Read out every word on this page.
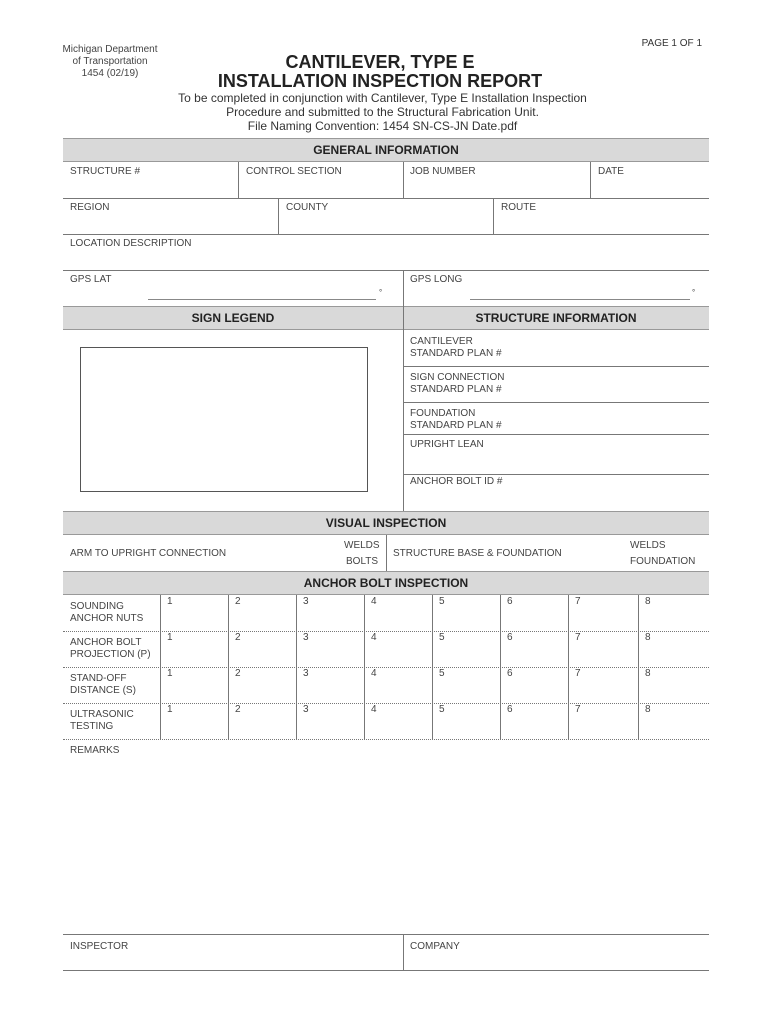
Michigan Department
of Transportation
1454 (02/19)
PAGE 1 OF 1
CANTILEVER, TYPE E
INSTALLATION INSPECTION REPORT
To be completed in conjunction with Cantilever, Type E Installation Inspection
Procedure and submitted to the Structural Fabrication Unit.
File Naming Convention: 1454 SN-CS-JN Date.pdf
GENERAL INFORMATION
STRUCTURE #	CONTROL SECTION	JOB NUMBER	DATE
REGION	COUNTY	ROUTE
LOCATION DESCRIPTION
GPS LAT
°
GPS LONG
°
SIGN LEGEND	STRUCTURE INFORMATION
CANTILEVER
STANDARD PLAN #
SIGN CONNECTION
STANDARD PLAN #
FOUNDATION
STANDARD PLAN #
UPRIGHT LEAN
ANCHOR BOLT ID #
VISUAL INSPECTION
ARM TO UPRIGHT CONNECTION
WELDS
BOLTS
STRUCTURE BASE & FOUNDATION
WELDS
FOUNDATION
ANCHOR BOLT INSPECTION
SOUNDING
ANCHOR NUTS
1	2	3	4	5	6	7	8
ANCHOR BOLT
PROJECTION (P)
1	2	3	4	5	6	7	8
STAND-OFF
DISTANCE (S)
1	2	3	4	5	6	7	8
ULTRASONIC
TESTING
1	2	3	4	5	6	7	8
REMARKS
INSPECTOR	COMPANY
